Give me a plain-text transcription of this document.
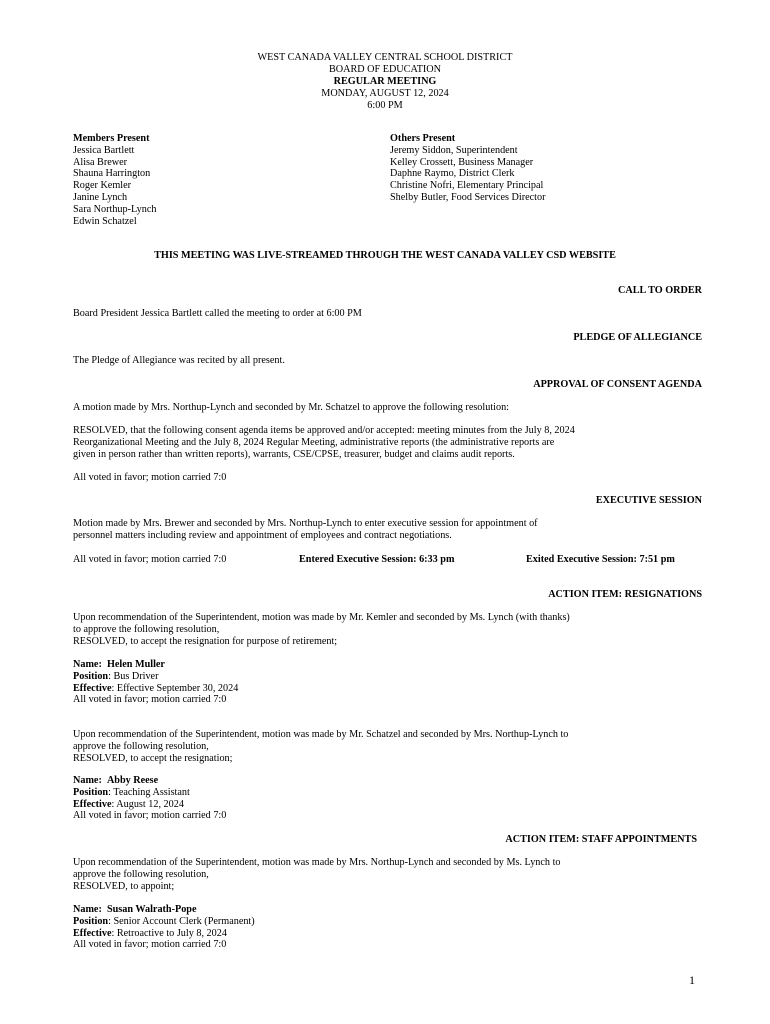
WEST CANADA VALLEY CENTRAL SCHOOL DISTRICT
BOARD OF EDUCATION
REGULAR MEETING
MONDAY, AUGUST 12, 2024
6:00 PM
Members Present
Jessica Bartlett
Alisa Brewer
Shauna Harrington
Roger Kemler
Janine Lynch
Sara Northup-Lynch
Edwin Schatzel
Others Present
Jeremy Siddon, Superintendent
Kelley Crossett, Business Manager
Daphne Raymo, District Clerk
Christine Nofri, Elementary Principal
Shelby Butler, Food Services Director
THIS MEETING WAS LIVE-STREAMED THROUGH THE WEST CANADA VALLEY CSD WEBSITE
CALL TO ORDER
Board President Jessica Bartlett called the meeting to order at 6:00 PM
PLEDGE OF ALLEGIANCE
The Pledge of Allegiance was recited by all present.
APPROVAL OF CONSENT AGENDA
A motion made by Mrs. Northup-Lynch and seconded by Mr. Schatzel to approve the following resolution:
RESOLVED, that the following consent agenda items be approved and/or accepted: meeting minutes from the July 8, 2024
Reorganizational Meeting and the July 8, 2024 Regular Meeting, administrative reports (the administrative reports are
given in person rather than written reports), warrants, CSE/CPSE, treasurer, budget and claims audit reports.
All voted in favor; motion carried 7:0
EXECUTIVE SESSION
Motion made by Mrs. Brewer and seconded by Mrs. Northup-Lynch to enter executive session for appointment of
personnel matters including review and appointment of employees and contract negotiations.
All voted in favor; motion carried 7:0	Entered Executive Session: 6:33 pm	Exited Executive Session: 7:51 pm
ACTION ITEM: RESIGNATIONS
Upon recommendation of the Superintendent, motion was made by Mr. Kemler and seconded by Ms. Lynch (with thanks)
to approve the following resolution,
RESOLVED, to accept the resignation for purpose of retirement;
Name: Helen Muller
Position: Bus Driver
Effective: Effective September 30, 2024
All voted in favor; motion carried 7:0
Upon recommendation of the Superintendent, motion was made by Mr. Schatzel and seconded by Mrs. Northup-Lynch to
approve the following resolution,
RESOLVED, to accept the resignation;
Name: Abby Reese
Position: Teaching Assistant
Effective: August 12, 2024
All voted in favor; motion carried 7:0
ACTION ITEM: STAFF APPOINTMENTS
Upon recommendation of the Superintendent, motion was made by Mrs. Northup-Lynch and seconded by Ms. Lynch to
approve the following resolution,
RESOLVED, to appoint;
Name: Susan Walrath-Pope
Position: Senior Account Clerk (Permanent)
Effective: Retroactive to July 8, 2024
All voted in favor; motion carried 7:0
1
